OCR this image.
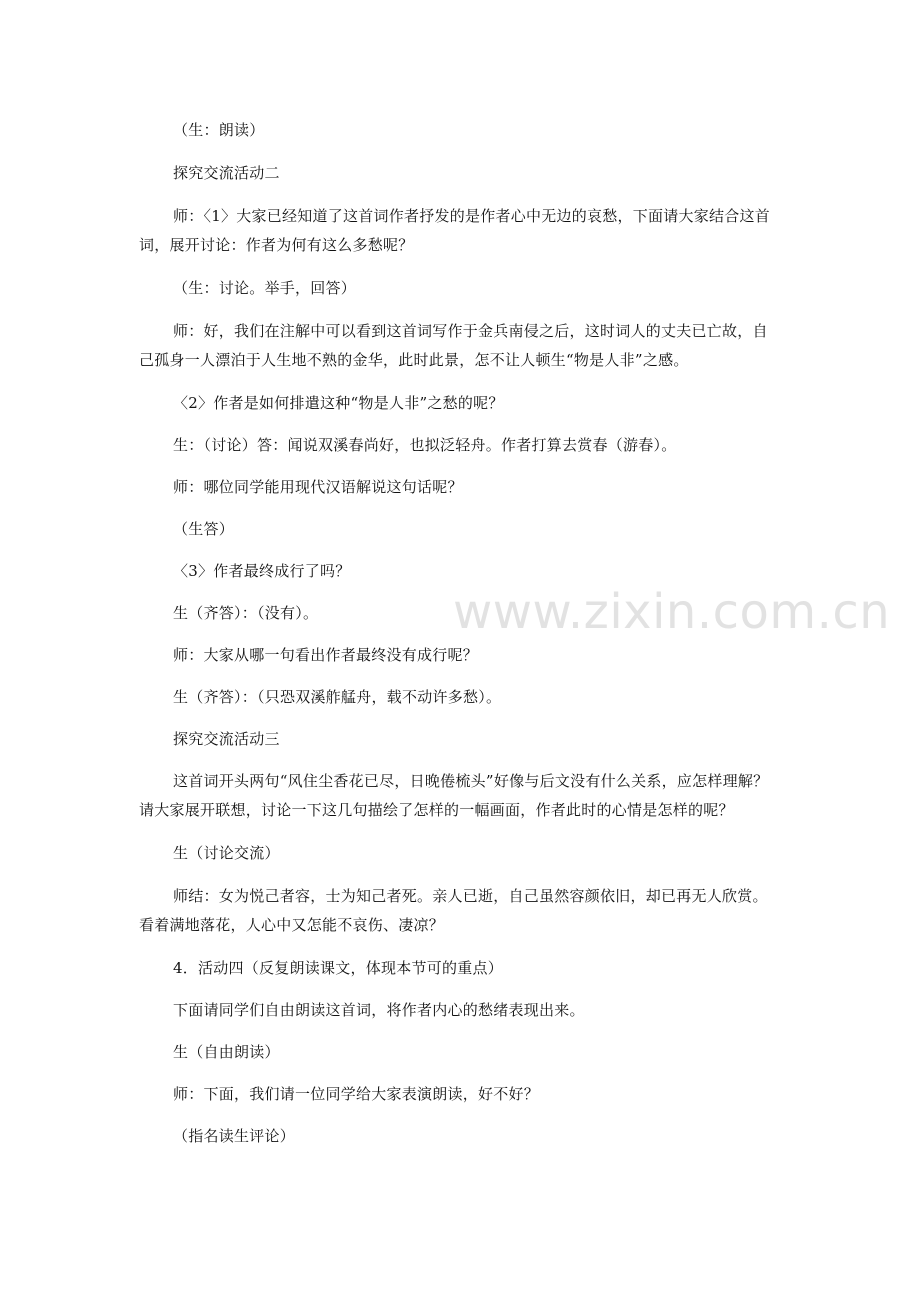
www.zixin.com.cn

（生：朗读）

探究交流活动二

师：〈1〉大家已经知道了这首词作者抒发的是作者心中无边的哀愁，下面请大家结合这首词，展开讨论：作者为何有这么多愁呢？

（生：讨论。举手，回答）

师：好，我们在注解中可以看到这首词写作于金兵南侵之后，这时词人的丈夫已亡故，自己孤身一人漂泊于人生地不熟的金华，此时此景，怎不让人顿生“物是人非”之感。

〈2〉作者是如何排遣这种“物是人非”之愁的呢？

生：（讨论）答：闻说双溪春尚好，也拟泛轻舟。作者打算去赏春（游春）。

师：哪位同学能用现代汉语解说这句话呢？

（生答）

〈3〉作者最终成行了吗？

生（齐答）：（没有）。

师：大家从哪一句看出作者最终没有成行呢？

生（齐答）：（只恐双溪舴艋舟，载不动许多愁）。

探究交流活动三

这首词开头两句“风住尘香花已尽，日晚倦梳头”好像与后文没有什么关系，应怎样理解？请大家展开联想，讨论一下这几句描绘了怎样的一幅画面，作者此时的心情是怎样的呢？

生（讨论交流）

师结：女为悦己者容，士为知己者死。亲人已逝，自己虽然容颜依旧，却已再无人欣赏。看着满地落花，人心中又怎能不哀伤、凄凉？

4．活动四（反复朗读课文，体现本节可的重点）

下面请同学们自由朗读这首词，将作者内心的愁绪表现出来。

生（自由朗读）

师：下面，我们请一位同学给大家表演朗读，好不好？

（指名读生评论）
